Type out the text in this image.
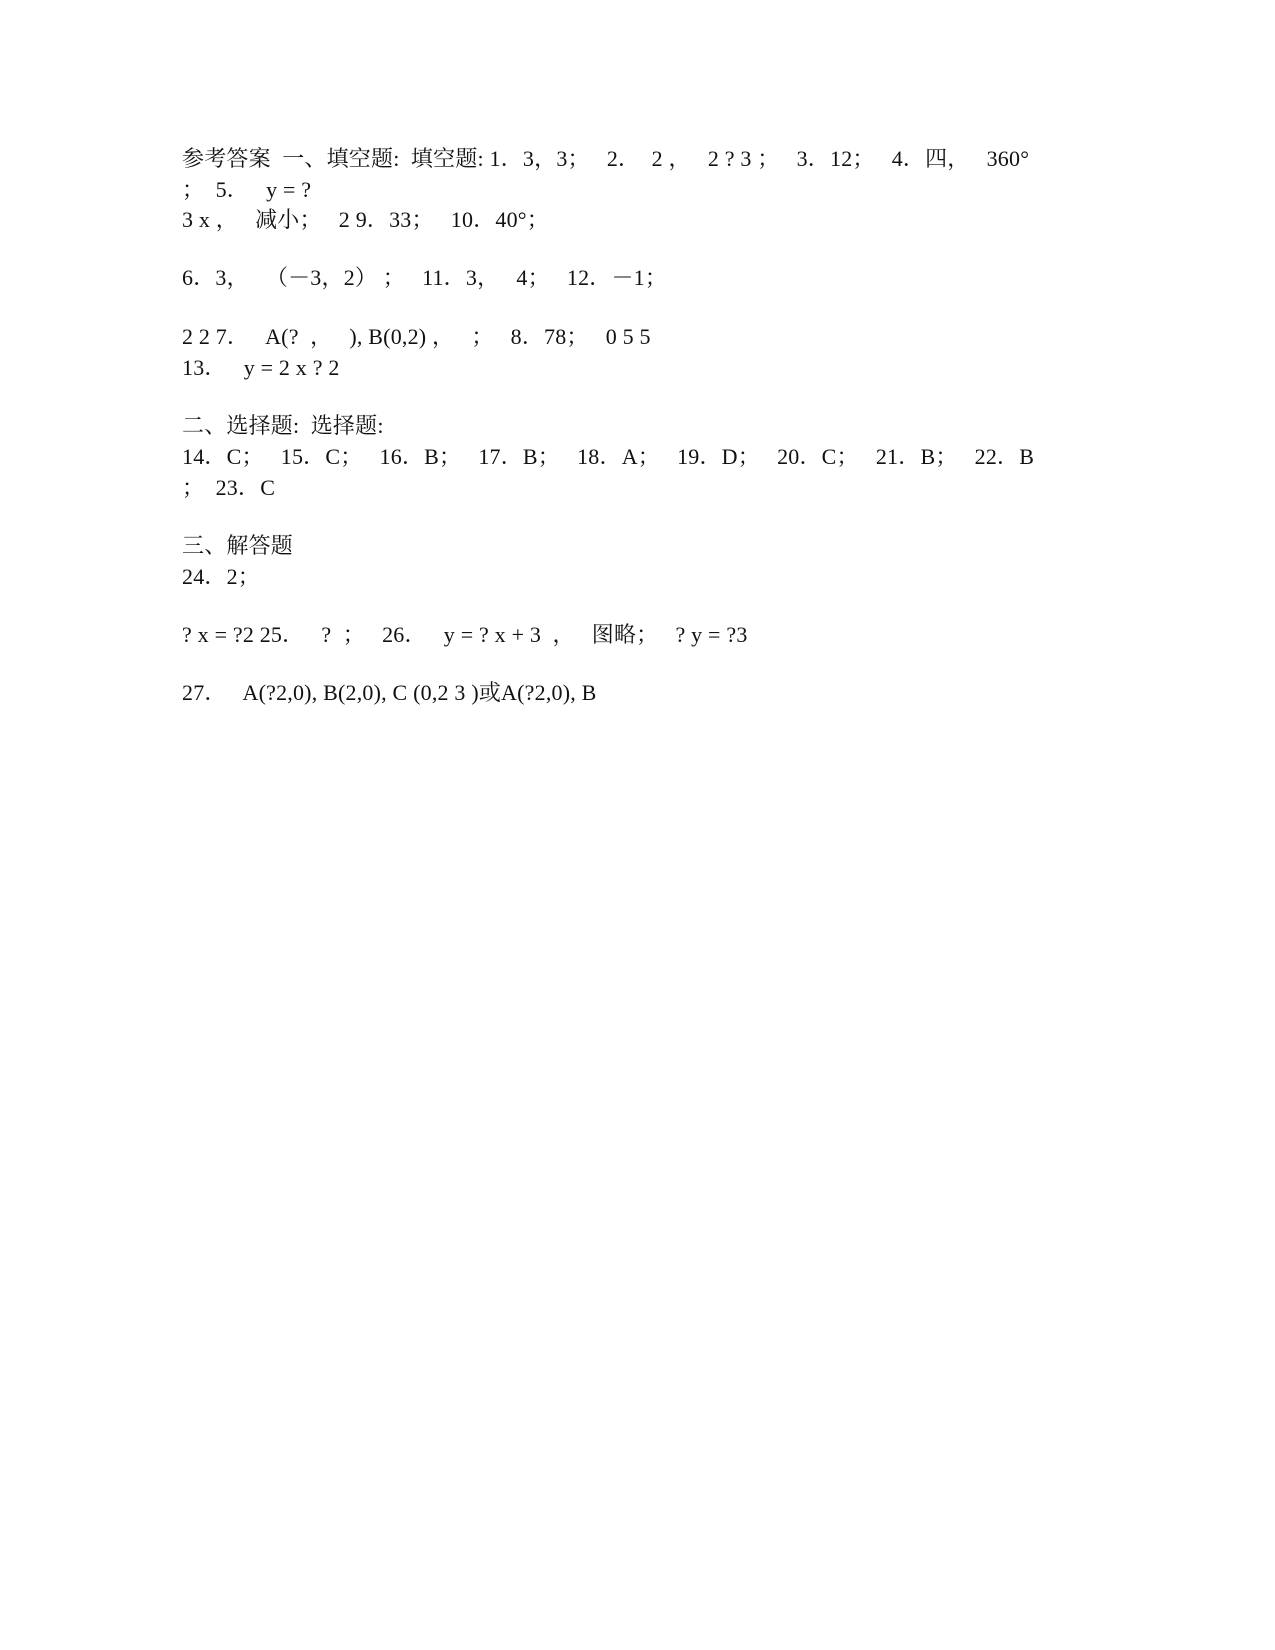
参考答案  一、填空题:  填空题: 1．3，3；   2．  2 ，   2 ? 3 ；   3．12；   4．四，   360°
；  5．   y = ?
3 x ，   减小；   2 9．33；   10．40°；
6．3，   （－3，2） ；   11．3，   4；   12．－1；
2 2 7．   A(?  ，   ), B(0,2) ，   ；   8．78；   0 5 5
13．   y = 2 x ? 2
二、选择题:  选择题:
14．C；   15．C；   16．B；   17．B；   18．A；   19．D；   20．C；   21．B；   22．B
；  23．C
三、解答题
24．2；
? x = ?2 25．   ?  ；   26．   y = ? x + 3  ，   图略；   ? y = ?3
27．   A(?2,0), B(2,0), C (0,2 3 )或A(?2,0), B
